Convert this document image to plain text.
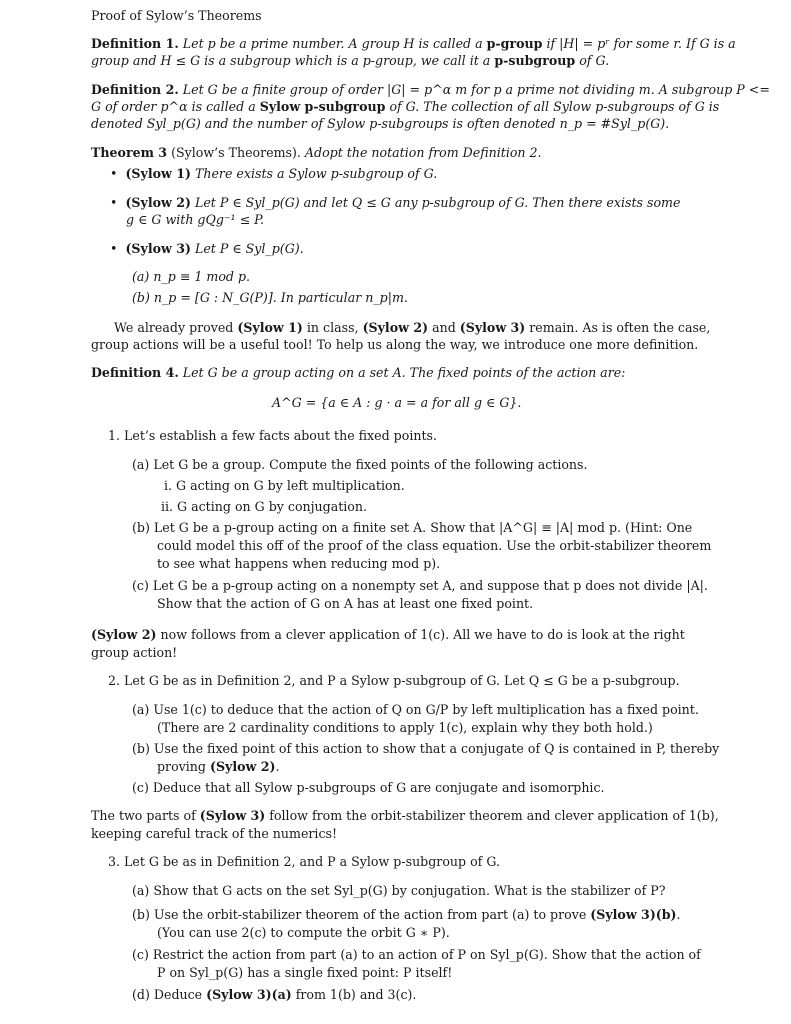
Proof of Sylow’s Theorems
Definition 1. Let p be a prime number. A group H is called a p-group if |H| = pʳ for some r. If G is a
group and H ≤ G is a subgroup which is a p-group, we call it a p-subgroup of G.
Definition 2. Let G be a finite group of order |G| = p^α m for p a prime not dividing m. A subgroup P <=
G of order p^α is called a Sylow p-subgroup of G. The collection of all Sylow p-subgroups of G is
denoted Syl_p(G) and the number of Sylow p-subgroups is often denoted n_p = #Syl_p(G).
Theorem 3 (Sylow’s Theorems). Adopt the notation from Definition 2.
• (Sylow 1) There exists a Sylow p-subgroup of G.
• (Sylow 2) Let P ∈ Syl_p(G) and let Q ≤ G any p-subgroup of G. Then there exists some
g ∈ G with gQg⁻¹ ≤ P.
• (Sylow 3) Let P ∈ Syl_p(G).
(a) n_p ≡ 1 mod p.
(b) n_p = [G : N_G(P)]. In particular n_p|m.
We already proved (Sylow 1) in class, (Sylow 2) and (Sylow 3) remain. As is often the case,
group actions will be a useful tool! To help us along the way, we introduce one more definition.
Definition 4. Let G be a group acting on a set A. The fixed points of the action are:
A^G = {a ∈ A : g · a = a for all g ∈ G}.
1. Let’s establish a few facts about the fixed points.
(a) Let G be a group. Compute the fixed points of the following actions.
i. G acting on G by left multiplication.
ii. G acting on G by conjugation.
(b) Let G be a p-group acting on a finite set A. Show that |A^G| ≡ |A| mod p. (Hint: One
could model this off of the proof of the class equation. Use the orbit-stabilizer theorem
to see what happens when reducing mod p).
(c) Let G be a p-group acting on a nonempty set A, and suppose that p does not divide |A|.
Show that the action of G on A has at least one fixed point.
(Sylow 2) now follows from a clever application of 1(c). All we have to do is look at the right
group action!
2. Let G be as in Definition 2, and P a Sylow p-subgroup of G. Let Q ≤ G be a p-subgroup.
(a) Use 1(c) to deduce that the action of Q on G/P by left multiplication has a fixed point.
(There are 2 cardinality conditions to apply 1(c), explain why they both hold.)
(b) Use the fixed point of this action to show that a conjugate of Q is contained in P, thereby
proving (Sylow 2).
(c) Deduce that all Sylow p-subgroups of G are conjugate and isomorphic.
The two parts of (Sylow 3) follow from the orbit-stabilizer theorem and clever application of 1(b),
keeping careful track of the numerics!
3. Let G be as in Definition 2, and P a Sylow p-subgroup of G.
(a) Show that G acts on the set Syl_p(G) by conjugation. What is the stabilizer of P?
(b) Use the orbit-stabilizer theorem of the action from part (a) to prove (Sylow 3)(b).
(You can use 2(c) to compute the orbit G ∗ P).
(c) Restrict the action from part (a) to an action of P on Syl_p(G). Show that the action of
P on Syl_p(G) has a single fixed point: P itself!
(d) Deduce (Sylow 3)(a) from 1(b) and 3(c).
